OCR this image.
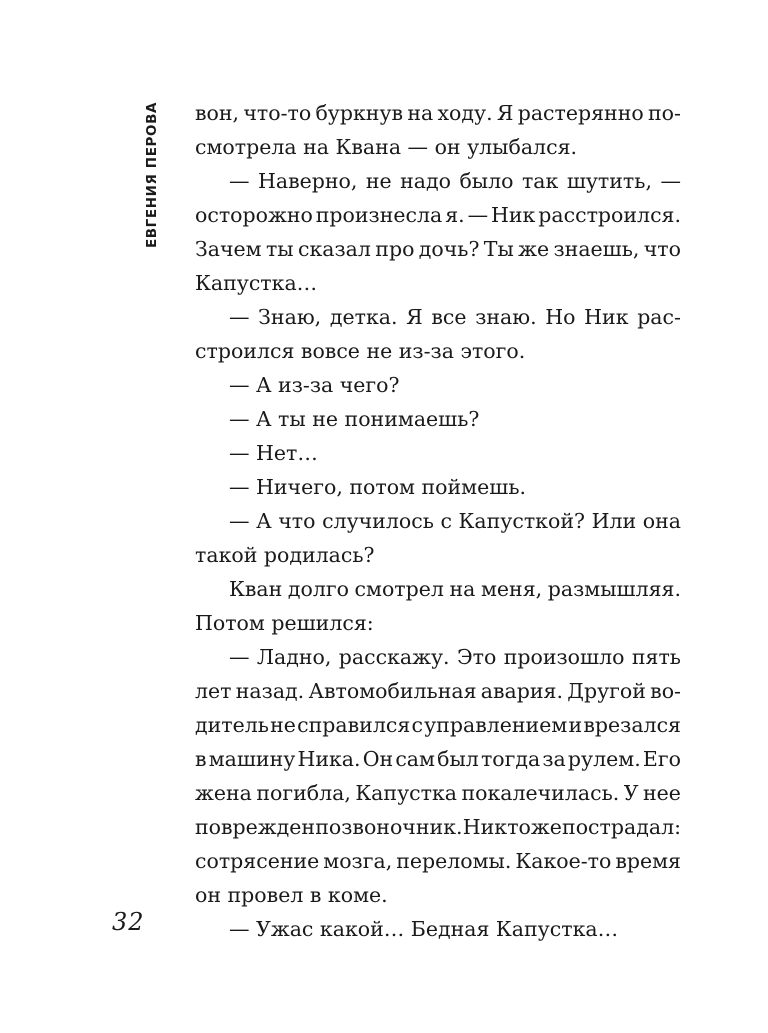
ЕВГЕНИЯ ПЕРОВА вон, что-то буркнув на ходу. Я растерянно по-
смотрела на Квана — он улыбался.
— Наверно, не надо было так шутить, —
осторожно произнесла я. — Ник расстроился.
Зачем ты сказал про дочь? Ты же знаешь, что
Капустка…
— Знаю, детка. Я все знаю. Но Ник рас-
строился вовсе не из-за этого.
— А из-за чего?
— А ты не понимаешь?
— Нет…
— Ничего, потом поймешь.
— А что случилось с Капусткой? Или она
такой родилась?
Кван долго смотрел на меня, размышляя.
Потом решился:
— Ладно, расскажу. Это произошло пять
лет назад. Автомобильная авария. Другой во-
дитель не справился с управлением и врезался
в машину Ника. Он сам был тогда за рулем. Его
жена погибла, Капустка покалечилась. У нее
поврежден позвоночник. Ник тоже пострадал:
сотрясение мозга, переломы. Какое-то время
он провел в коме.
— Ужас какой… Бедная Капустка…
32
